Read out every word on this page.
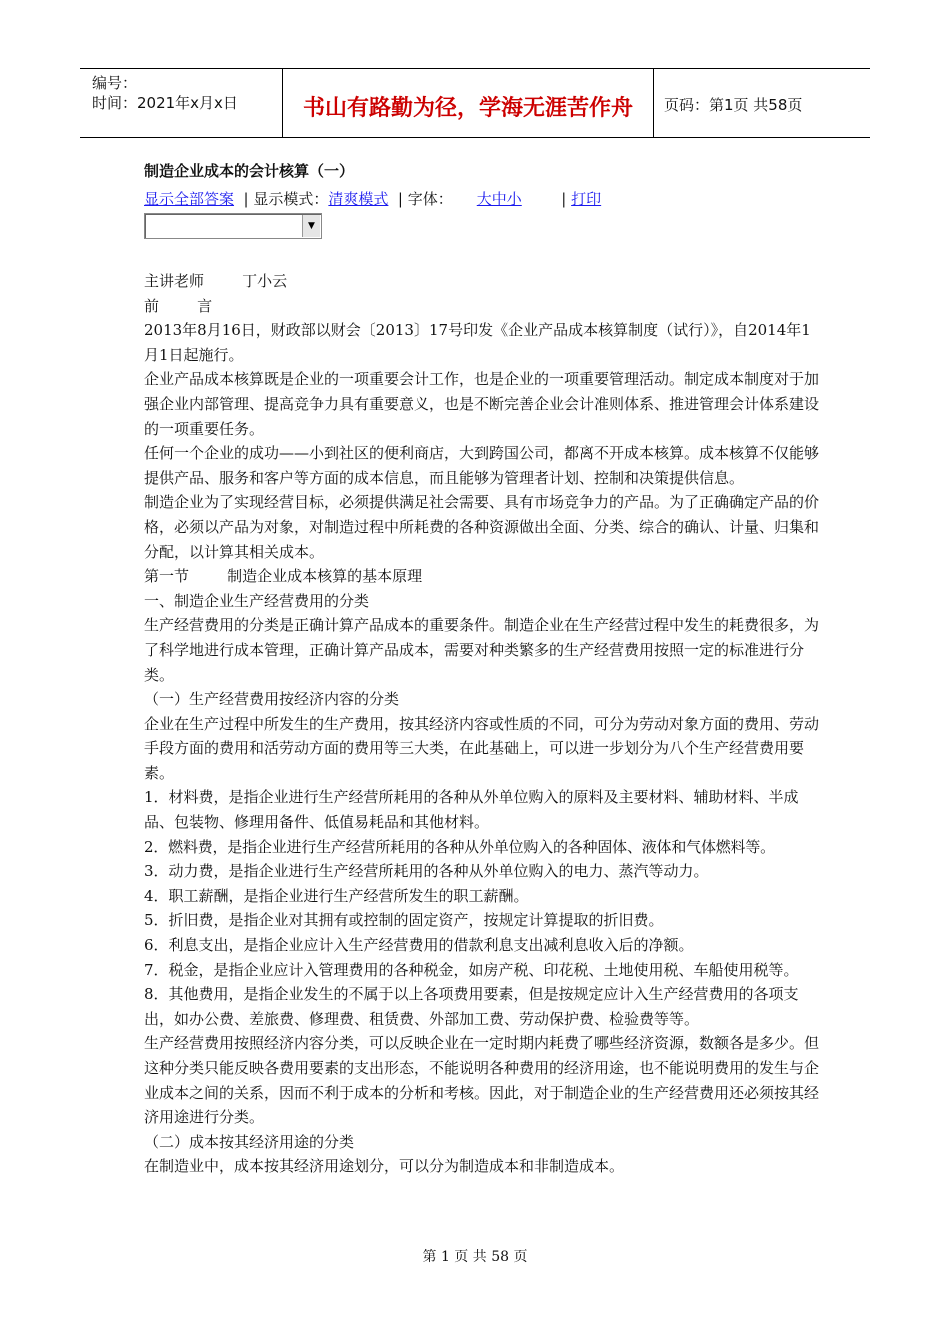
编号：
时间：2021年x月x日	书山有路勤为径，学海无涯苦作舟	页码：第1页 共58页
制造企业成本的会计核算（一）
显示全部答案  | 显示模式：清爽模式  | 字体： 大中小  | 打印
▼

主讲老师        丁小云

前        言

2013年8月16日，财政部以财会〔2013〕17号印发《企业产品成本核算制度（试行）》，自2014年1月1日起施行。

企业产品成本核算既是企业的一项重要会计工作，也是企业的一项重要管理活动。制定成本制度对于加强企业内部管理、提高竞争力具有重要意义，也是不断完善企业会计准则体系、推进管理会计体系建设的一项重要任务。

任何一个企业的成功——小到社区的便利商店，大到跨国公司，都离不开成本核算。成本核算不仅能够提供产品、服务和客户等方面的成本信息，而且能够为管理者计划、控制和决策提供信息。

制造企业为了实现经营目标，必须提供满足社会需要、具有市场竞争力的产品。为了正确确定产品的价格，必须以产品为对象，对制造过程中所耗费的各种资源做出全面、分类、综合的确认、计量、归集和分配，以计算其相关成本。

第一节        制造企业成本核算的基本原理

一、制造企业生产经营费用的分类

生产经营费用的分类是正确计算产品成本的重要条件。制造企业在生产经营过程中发生的耗费很多，为了科学地进行成本管理，正确计算产品成本，需要对种类繁多的生产经营费用按照一定的标准进行分类。

（一）生产经营费用按经济内容的分类

企业在生产过程中所发生的生产费用，按其经济内容或性质的不同，可分为劳动对象方面的费用、劳动手段方面的费用和活劳动方面的费用等三大类，在此基础上，可以进一步划分为八个生产经营费用要素。

1．材料费，是指企业进行生产经营所耗用的各种从外单位购入的原料及主要材料、辅助材料、半成品、包装物、修理用备件、低值易耗品和其他材料。

2．燃料费，是指企业进行生产经营所耗用的各种从外单位购入的各种固体、液体和气体燃料等。

3．动力费，是指企业进行生产经营所耗用的各种从外单位购入的电力、蒸汽等动力。

4．职工薪酬，是指企业进行生产经营所发生的职工薪酬。

5．折旧费，是指企业对其拥有或控制的固定资产，按规定计算提取的折旧费。

6．利息支出，是指企业应计入生产经营费用的借款利息支出减利息收入后的净额。

7．税金，是指企业应计入管理费用的各种税金，如房产税、印花税、土地使用税、车船使用税等。

8．其他费用，是指企业发生的不属于以上各项费用要素，但是按规定应计入生产经营费用的各项支出，如办公费、差旅费、修理费、租赁费、外部加工费、劳动保护费、检验费等等。

生产经营费用按照经济内容分类，可以反映企业在一定时期内耗费了哪些经济资源，数额各是多少。但这种分类只能反映各费用要素的支出形态，不能说明各种费用的经济用途，也不能说明费用的发生与企业成本之间的关系，因而不利于成本的分析和考核。因此，对于制造企业的生产经营费用还必须按其经济用途进行分类。

（二）成本按其经济用途的分类

在制造业中，成本按其经济用途划分，可以分为制造成本和非制造成本。

第 1 页 共 58 页
